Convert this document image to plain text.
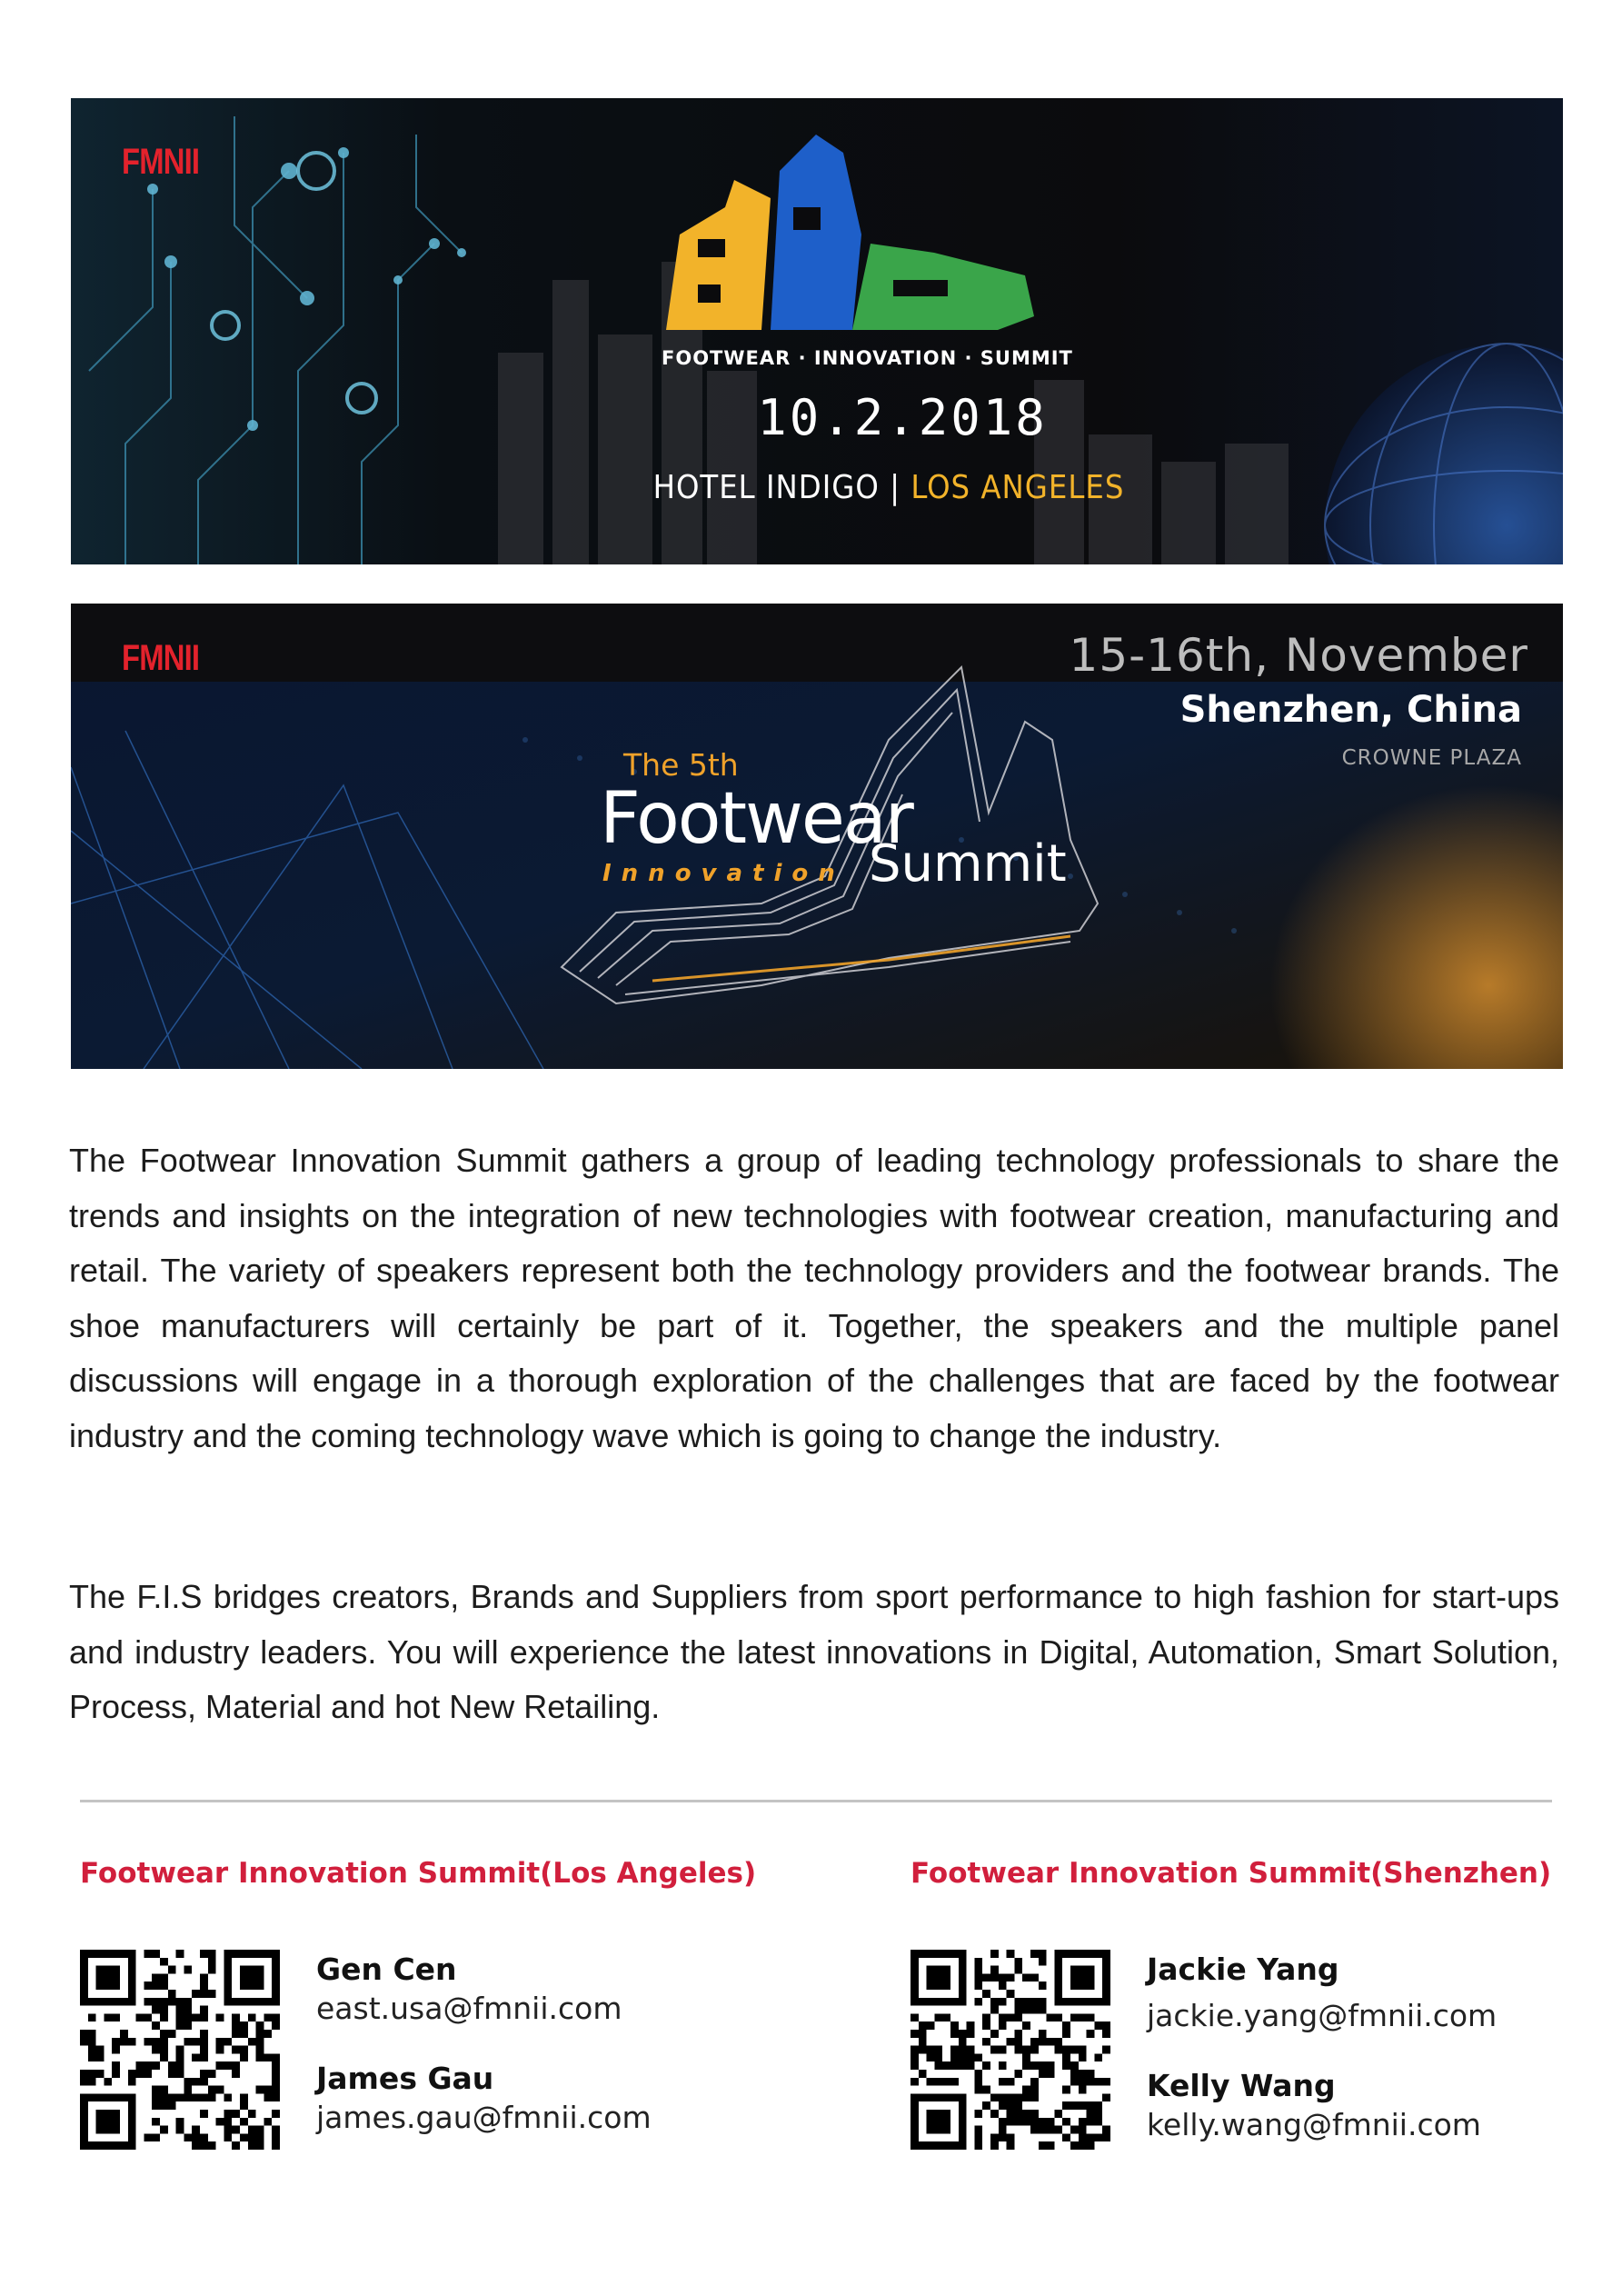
FMNII
FOOTWEAR · INNOVATION · SUMMIT
10.2.2018
HOTEL INDIGO | LOS ANGELES
FMNII	15-16th, November
Shenzhen, China
CROWNE PLAZA
The 5th
Footwear
Innovation Summit

The Footwear Innovation Summit gathers a group of leading technology professionals to share the trends and insights on the integration of new technologies with footwear creation, manufacturing and retail. The variety of speakers represent both the technology providers and the footwear brands. The shoe manufacturers will certainly be part of it. Together, the speakers and the multiple panel discussions will engage in a thorough exploration of the challenges that are faced by the footwear industry and the coming technology wave which is going to change the industry.

The F.I.S bridges creators, Brands and Suppliers from sport performance to high fashion for start-ups and industry leaders. You will experience the latest innovations in Digital, Automation, Smart Solution, Process, Material and hot New Retailing.

Footwear Innovation Summit(Los Angeles)
Gen Cen
east.usa@fmnii.com
James Gau
james.gau@fmnii.com
Footwear Innovation Summit(Shenzhen)
Jackie Yang
jackie.yang@fmnii.com
Kelly Wang
kelly.wang@fmnii.com
